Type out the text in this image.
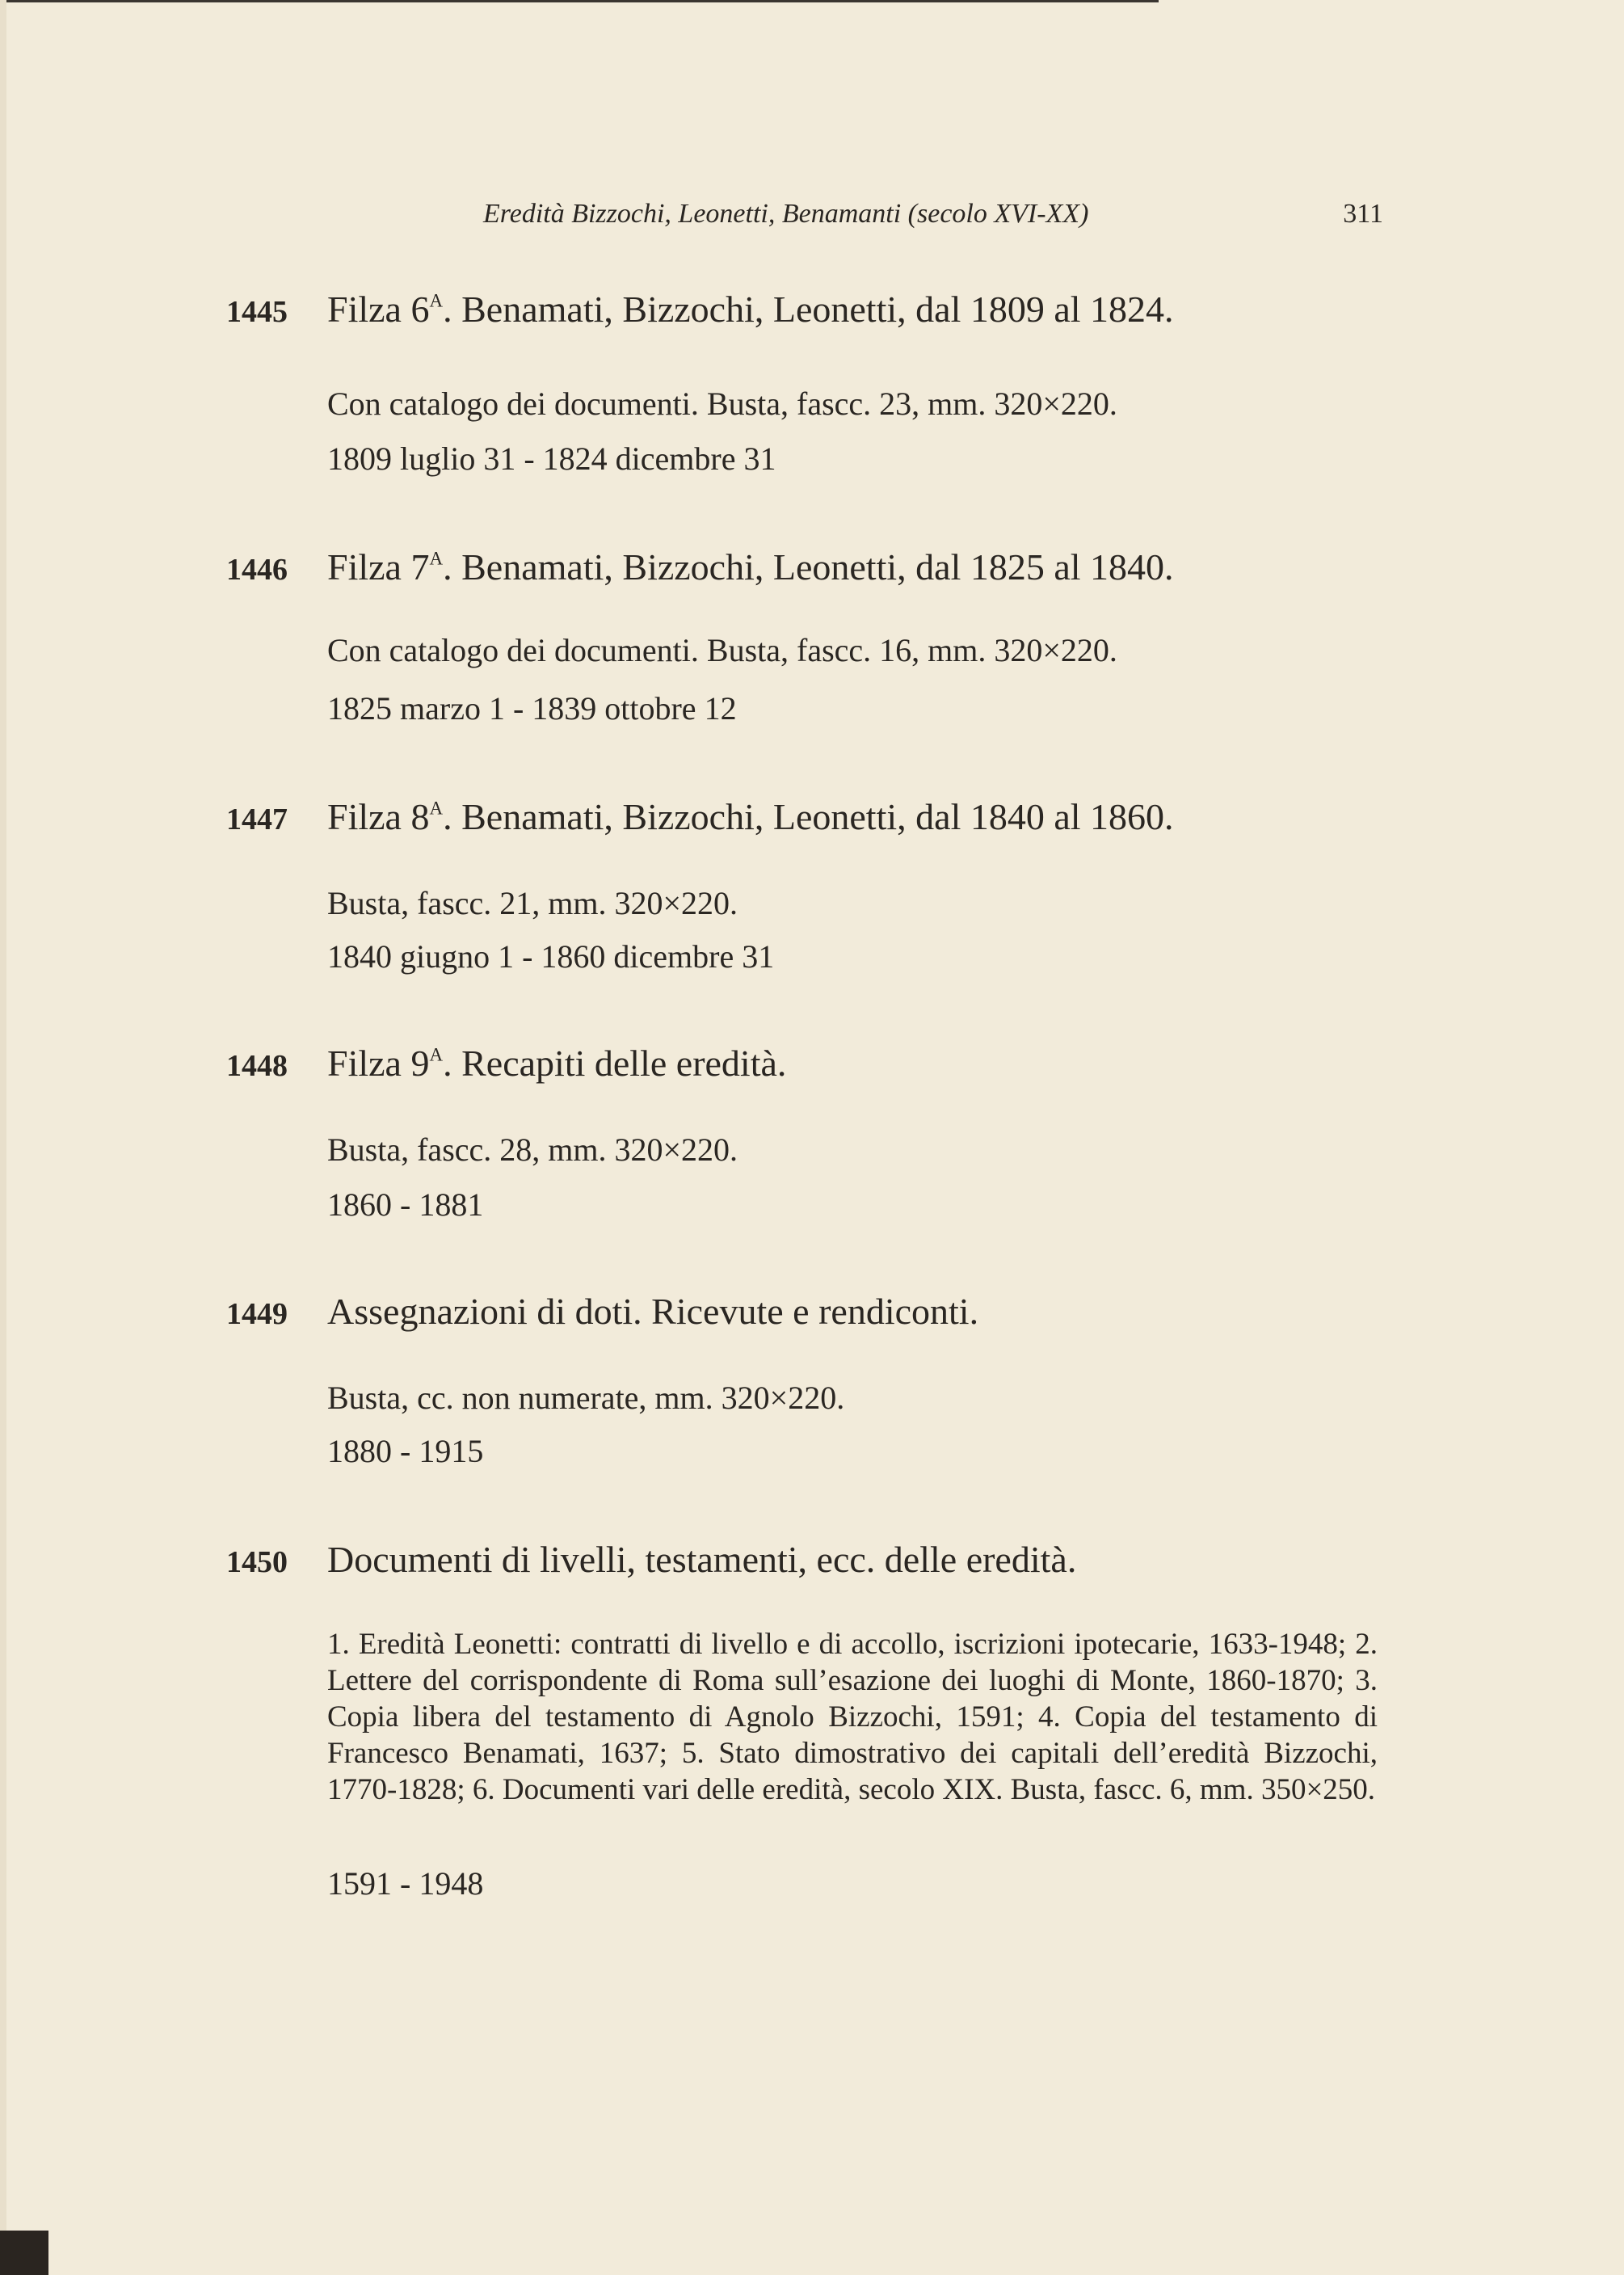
Eredità Bizzochi, Leonetti, Benamanti (secolo XVI-XX)	311
1445 Filza $6^A$. Benamati, Bizzochi, Leonetti, dal 1809 al 1824.
Con catalogo dei documenti. Busta, fascc. 23, mm. 320×220.
1809 luglio 31 - 1824 dicembre 31
1446 Filza $7^A$. Benamati, Bizzochi, Leonetti, dal 1825 al 1840.
Con catalogo dei documenti. Busta, fascc. 16, mm. 320×220.
1825 marzo 1 - 1839 ottobre 12
1447 Filza $8^A$. Benamati, Bizzochi, Leonetti, dal 1840 al 1860.
Busta, fascc. 21, mm. 320×220.
1840 giugno 1 - 1860 dicembre 31
1448 Filza $9^A$. Recapiti delle eredità.
Busta, fascc. 28, mm. 320×220.
1860 - 1881
1449 Assegnazioni di doti. Ricevute e rendiconti.
Busta, cc. non numerate, mm. 320×220.
1880 - 1915
1450 Documenti di livelli, testamenti, ecc. delle eredità.
1. Eredità Leonetti: contratti di livello e di accollo, iscrizioni ipotecarie, 1633-1948; 2. Lettere del corrispondente di Roma sull’esazione dei luoghi di Monte, 1860-1870; 3. Copia libera del testamento di Agnolo Bizzochi, 1591; 4. Copia del testamento di Francesco Benamati, 1637; 5. Stato dimostrativo dei capitali dell’eredità Bizzochi, 1770-1828; 6. Documenti vari delle eredità, secolo XIX. Busta, fascc. 6, mm. 350×250.
1591 - 1948
